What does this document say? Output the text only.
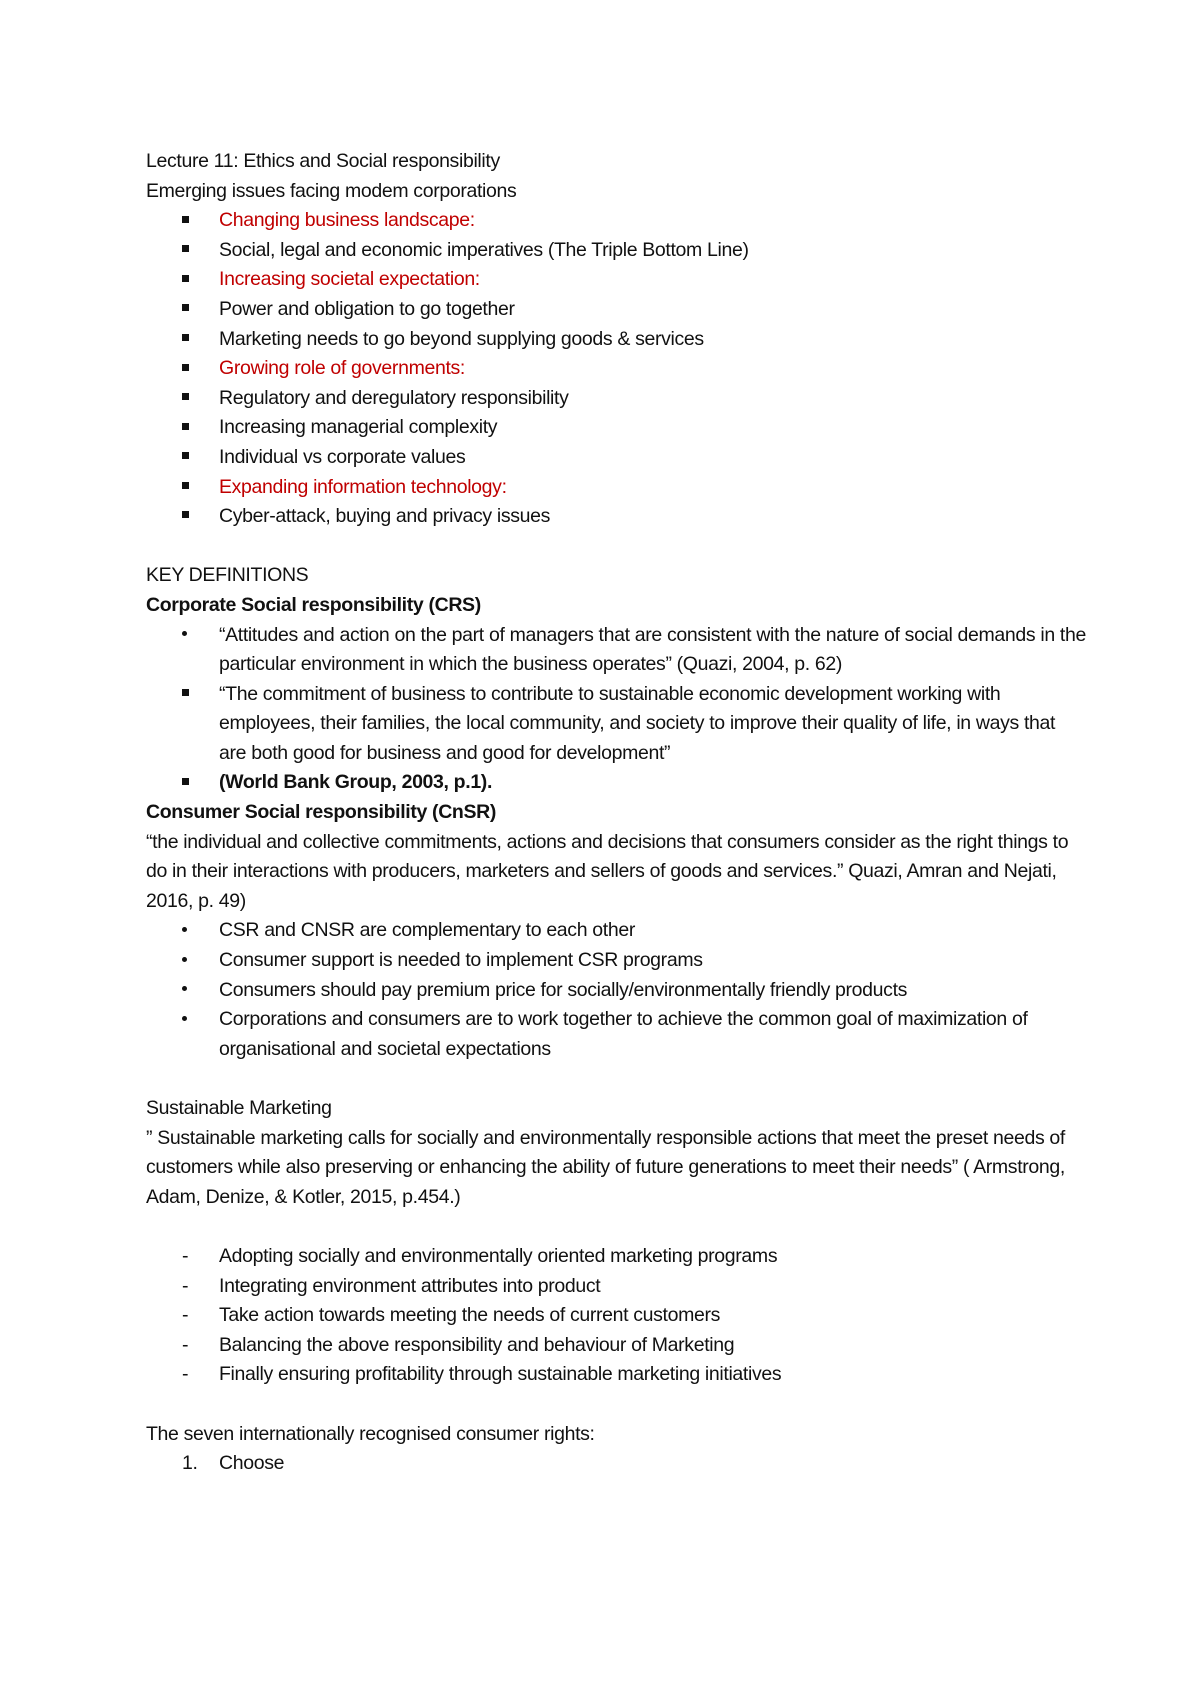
Lecture 11: Ethics and Social responsibility
Emerging issues facing modem corporations
Changing business landscape:
Social, legal and economic imperatives (The Triple Bottom Line)
Increasing societal expectation:
Power and obligation to go together
Marketing needs to go beyond supplying goods & services
Growing role of governments:
Regulatory and deregulatory responsibility
Increasing managerial complexity
Individual vs corporate values
Expanding information technology:
Cyber-attack, buying and privacy issues
KEY DEFINITIONS
Corporate Social responsibility (CRS)
“Attitudes and action on the part of managers that are consistent with the nature of social demands in the particular environment in which the business operates” (Quazi, 2004, p. 62)
“The commitment of business to contribute to sustainable economic development working with employees, their families, the local community, and society to improve their quality of life, in ways that are both good for business and good for development”
(World Bank Group, 2003, p.1).
Consumer Social responsibility (CnSR)
“the individual and collective commitments, actions and decisions that consumers consider as the right things to do in their interactions with producers, marketers and sellers of goods and services.” Quazi, Amran and Nejati, 2016, p. 49)
CSR and CNSR are complementary to each other
Consumer support is needed to implement CSR programs
Consumers should pay premium price for socially/environmentally friendly products
Corporations and consumers are to work together to achieve the common goal of maximization of organisational and societal expectations
Sustainable Marketing
” Sustainable marketing calls for socially and environmentally responsible actions that meet the preset needs of customers while also preserving or enhancing the ability of future generations to meet their needs” ( Armstrong, Adam, Denize, & Kotler, 2015, p.454.)
-	Adopting socially and environmentally oriented marketing programs
-	Integrating environment attributes into product
-	Take action towards meeting the needs of current customers
-	Balancing the above responsibility and behaviour of Marketing
-	Finally ensuring profitability through sustainable marketing initiatives
The seven internationally recognised consumer rights:
1. Choose
